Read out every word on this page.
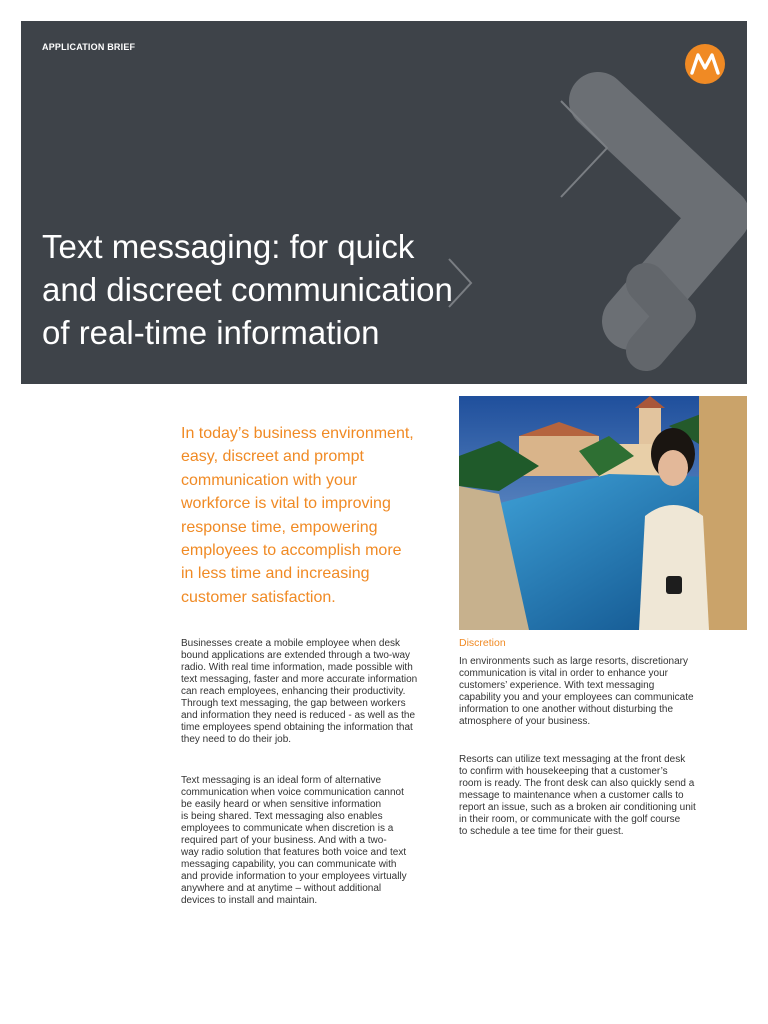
APPLICATION BRIEF
Text messaging: for quick
and discreet communication
of real-time information

In today’s business environment,
easy, discreet and prompt
communication with your
workforce is vital to improving
response time, empowering
employees to accomplish more
in less time and increasing
customer satisfaction.

Businesses create a mobile employee when desk
bound applications are extended through a two-way
radio. With real time information, made possible with
text messaging, faster and more accurate information
can reach employees, enhancing their productivity.
Through text messaging, the gap between workers
and information they need is reduced - as well as the
time employees spend obtaining the information that
they need to do their job.
Text messaging is an ideal form of alternative
communication when voice communication cannot
be easily heard or when sensitive information
is being shared. Text messaging also enables
employees to communicate when discretion is a
required part of your business. And with a two-
way radio solution that features both voice and text
messaging capability, you can communicate with
and provide information to your employees virtually
anywhere and at anytime – without additional
devices to install and maintain.
Discretion
In environments such as large resorts, discretionary
communication is vital in order to enhance your
customers’ experience. With text messaging
capability you and your employees can communicate
information to one another without disturbing the
atmosphere of your business.
Resorts can utilize text messaging at the front desk
to confirm with housekeeping that a customer’s
room is ready. The front desk can also quickly send a
message to maintenance when a customer calls to
report an issue, such as a broken air conditioning unit
in their room, or communicate with the golf course
to schedule a tee time for their guest.
